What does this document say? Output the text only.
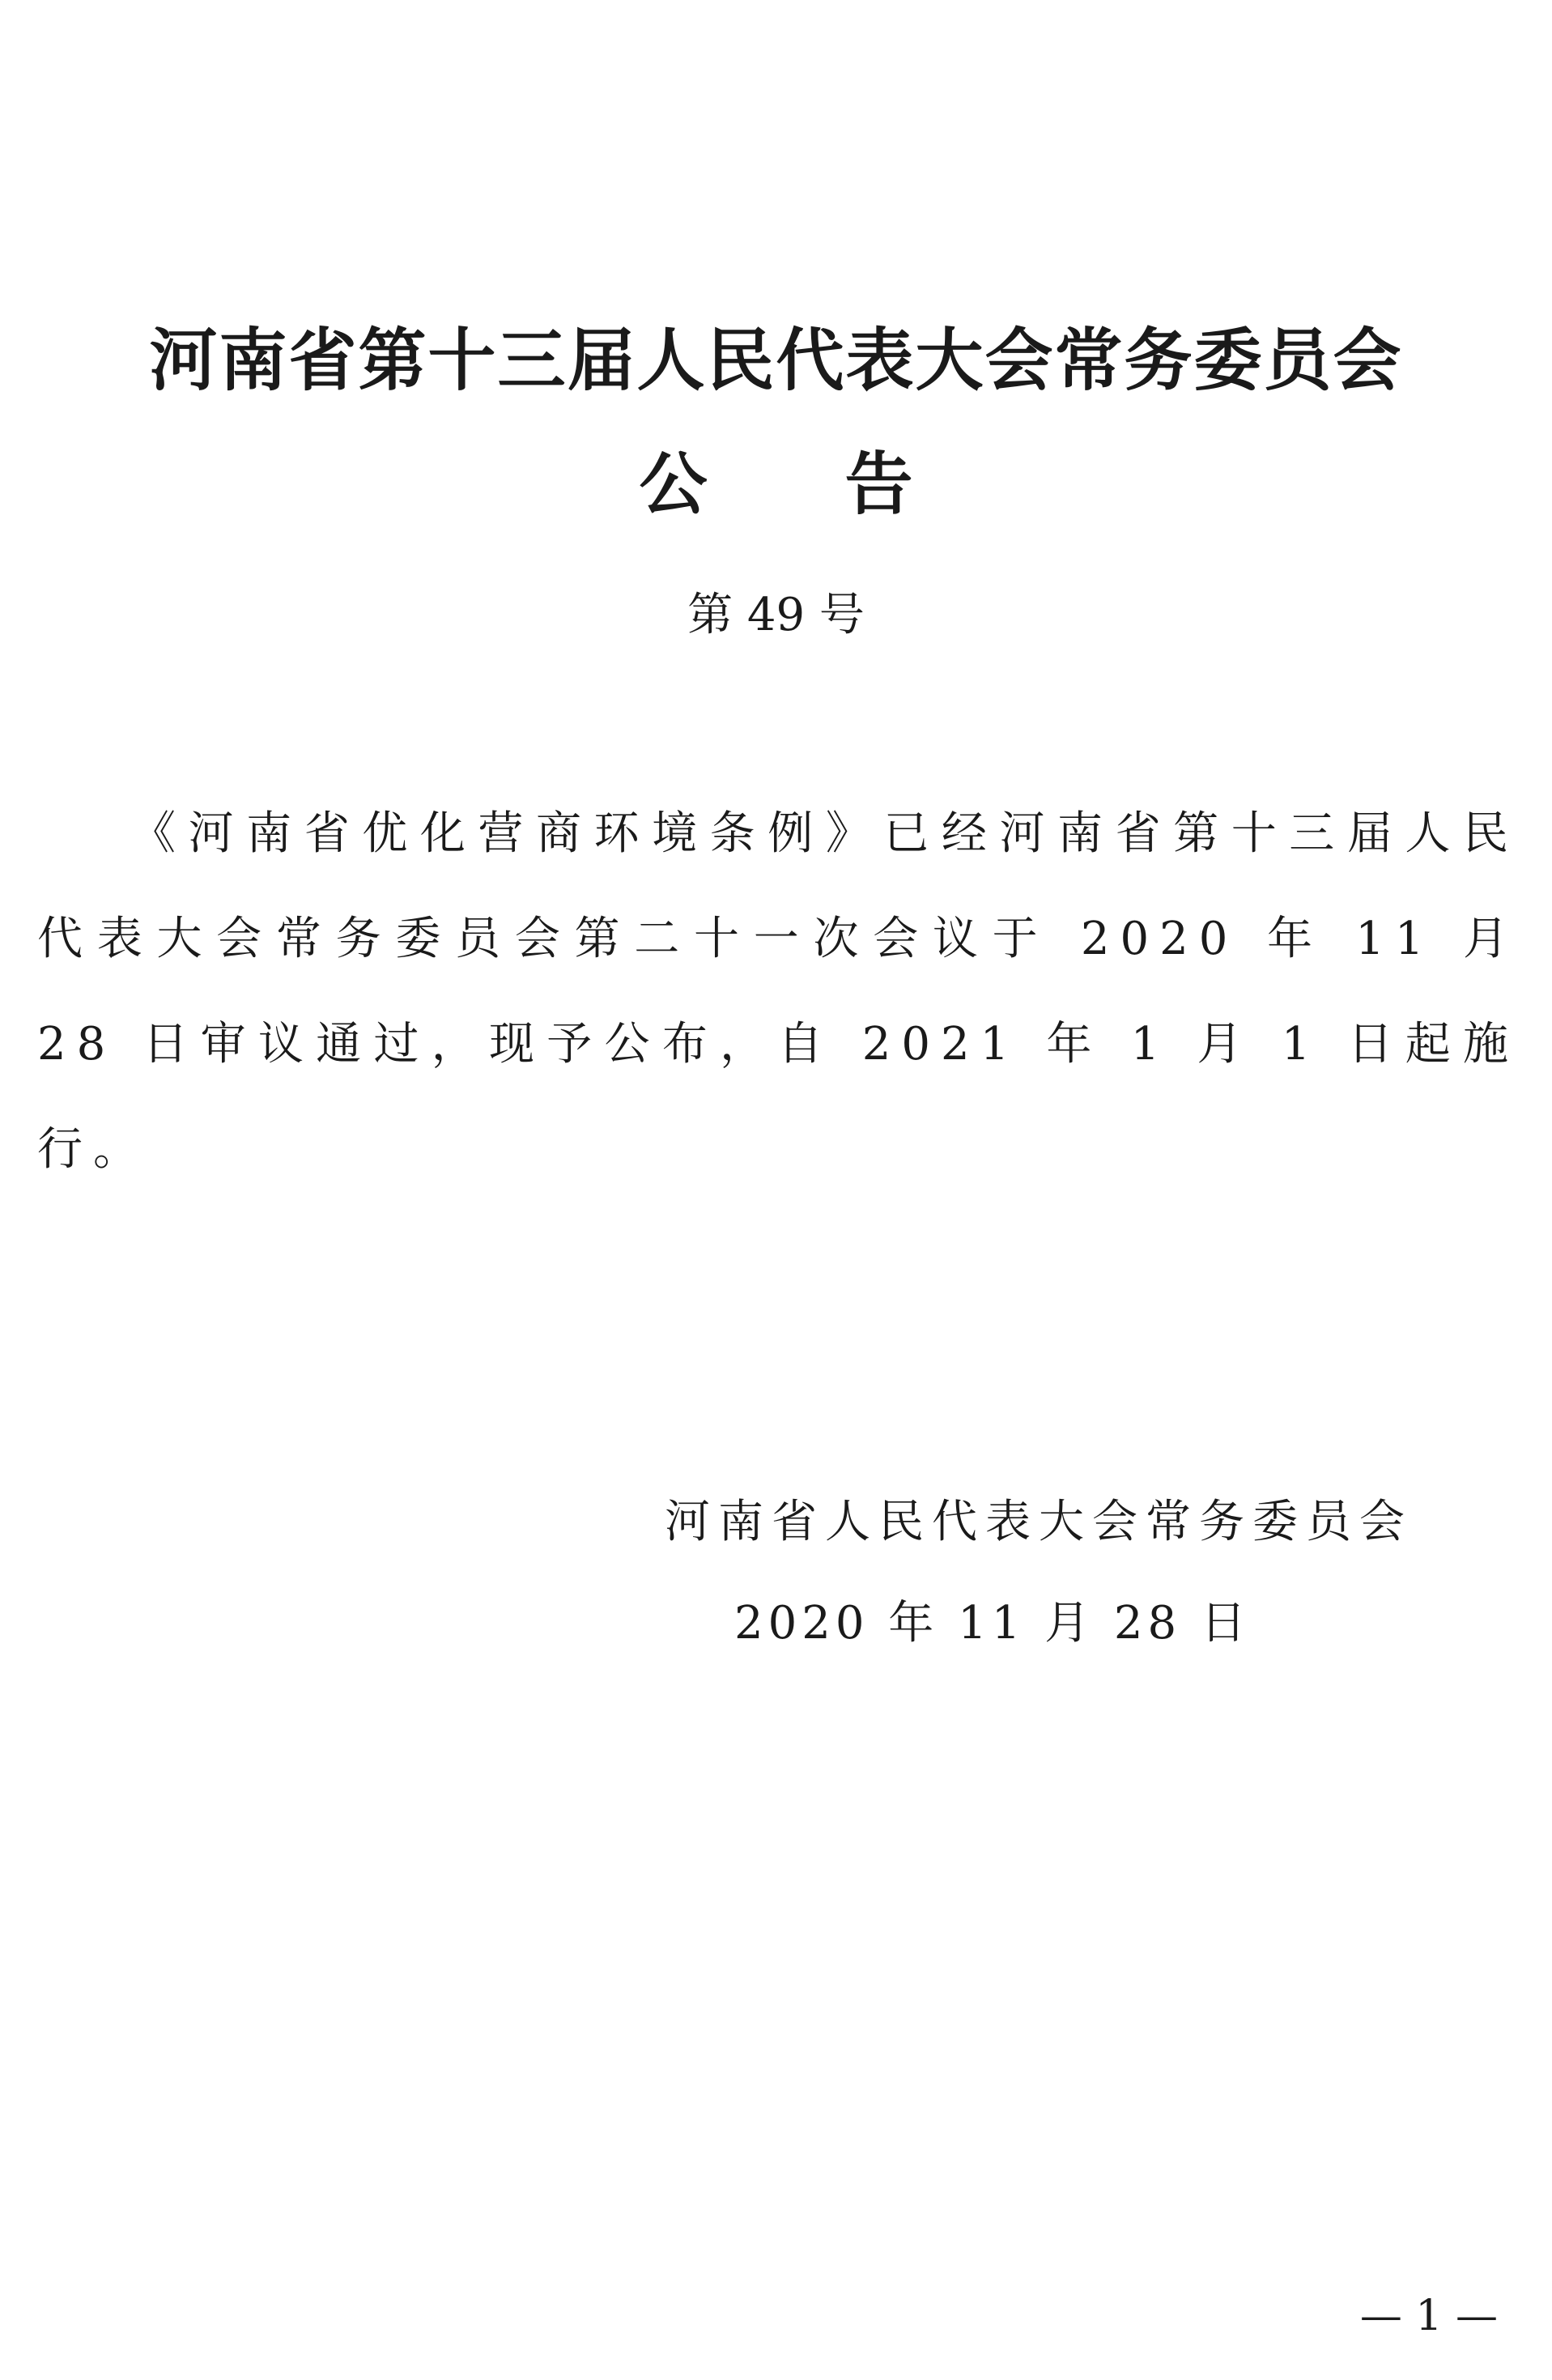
河南省第十三届人民代表大会常务委员会
公告
第 49 号
《河南省优化营商环境条例》已经河南省第十三届人民代表大会常务委员会第二十一次会议于 2020 年 11 月 28 日审议通过，现予公布，自 2021 年 1 月 1 日起施行。
河南省人民代表大会常务委员会
2020 年 11 月 28 日
— 1 —
